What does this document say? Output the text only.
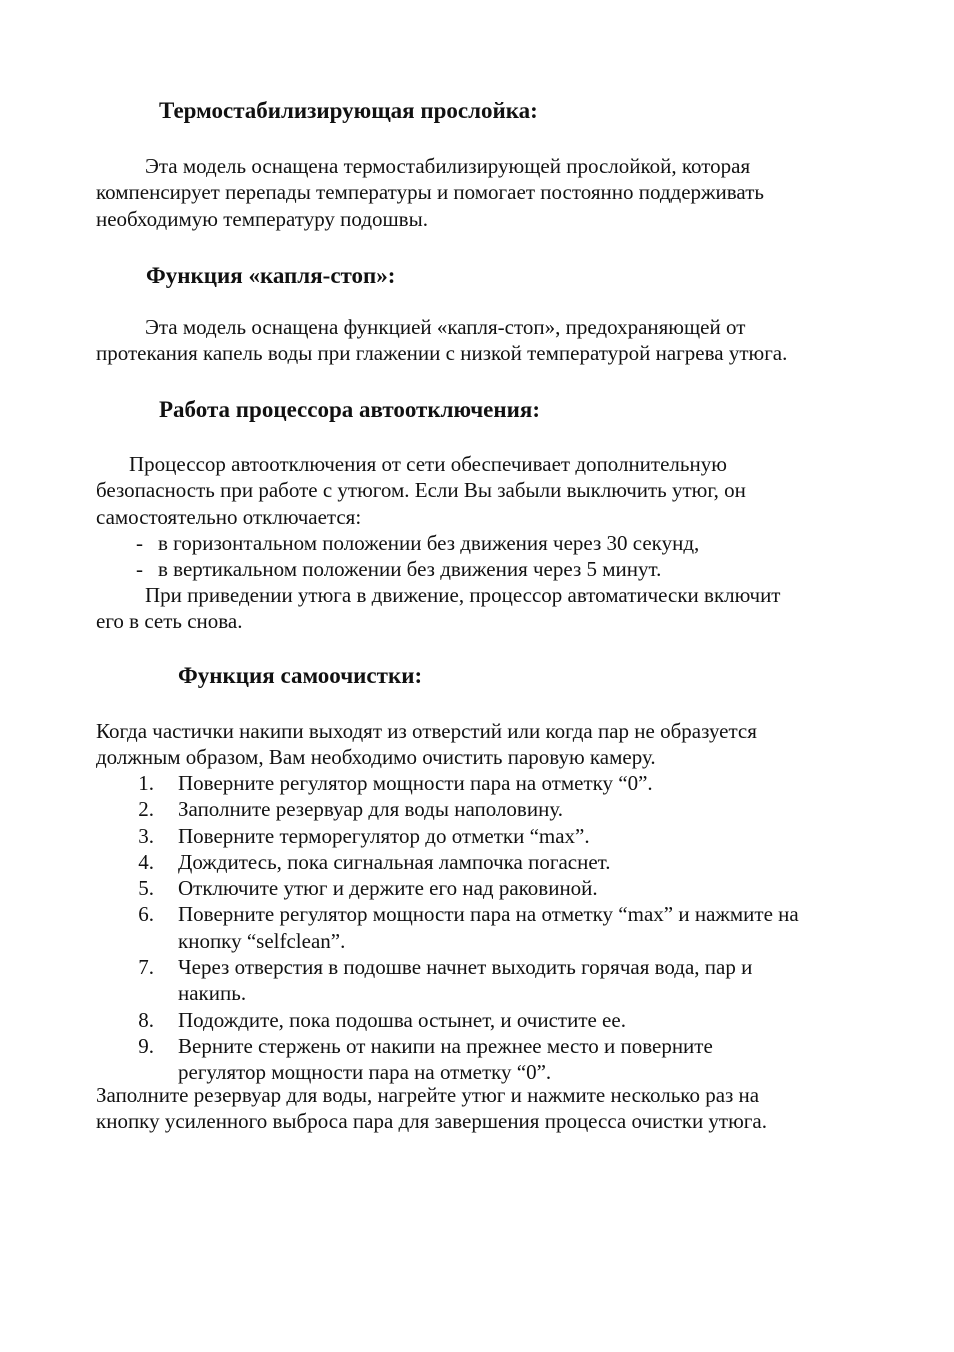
Термостабилизирующая прослойка:
Эта модель оснащена термостабилизирующей прослойкой, которая
компенсирует перепады температуры и помогает постоянно поддерживать
необходимую температуру подошвы.
Функция «капля-стоп»:
Эта модель оснащена функцией «капля-стоп», предохраняющей от
протекания капель воды при глажении с низкой температурой нагрева утюга.
Работа процессора автоотключения:
Процессор автоотключения от сети обеспечивает дополнительную
безопасность при работе с утюгом. Если Вы забыли выключить утюг, он
самостоятельно отключается:
- в горизонтальном положении без движения через 30 секунд,
- в вертикальном положении без движения через 5 минут.
При приведении утюга в движение, процессор автоматически включит
его в сеть снова.
Функция самоочистки:
Когда частички накипи выходят из отверстий или когда пар не образуется
должным образом, Вам необходимо очистить паровую камеру.
1.	Поверните регулятор мощности пара на отметку “0”.
2.	Заполните резервуар для воды наполовину.
3.	Поверните терморегулятор до отметки “max”.
4.	Дождитесь, пока сигнальная лампочка погаснет.
5.	Отключите утюг и держите его над раковиной.
6.	Поверните регулятор мощности пара на отметку “max” и нажмите на
кнопку “selfclean”.
7.	Через отверстия в подошве начнет выходить горячая вода, пар и
накипь.
8.	Подождите, пока подошва остынет, и очистите ее.
9.	Верните стержень от накипи на прежнее место и поверните
регулятор мощности пара на отметку “0”.
Заполните резервуар для воды, нагрейте утюг и нажмите несколько раз на
кнопку усиленного выброса пара для завершения процесса очистки утюга.
